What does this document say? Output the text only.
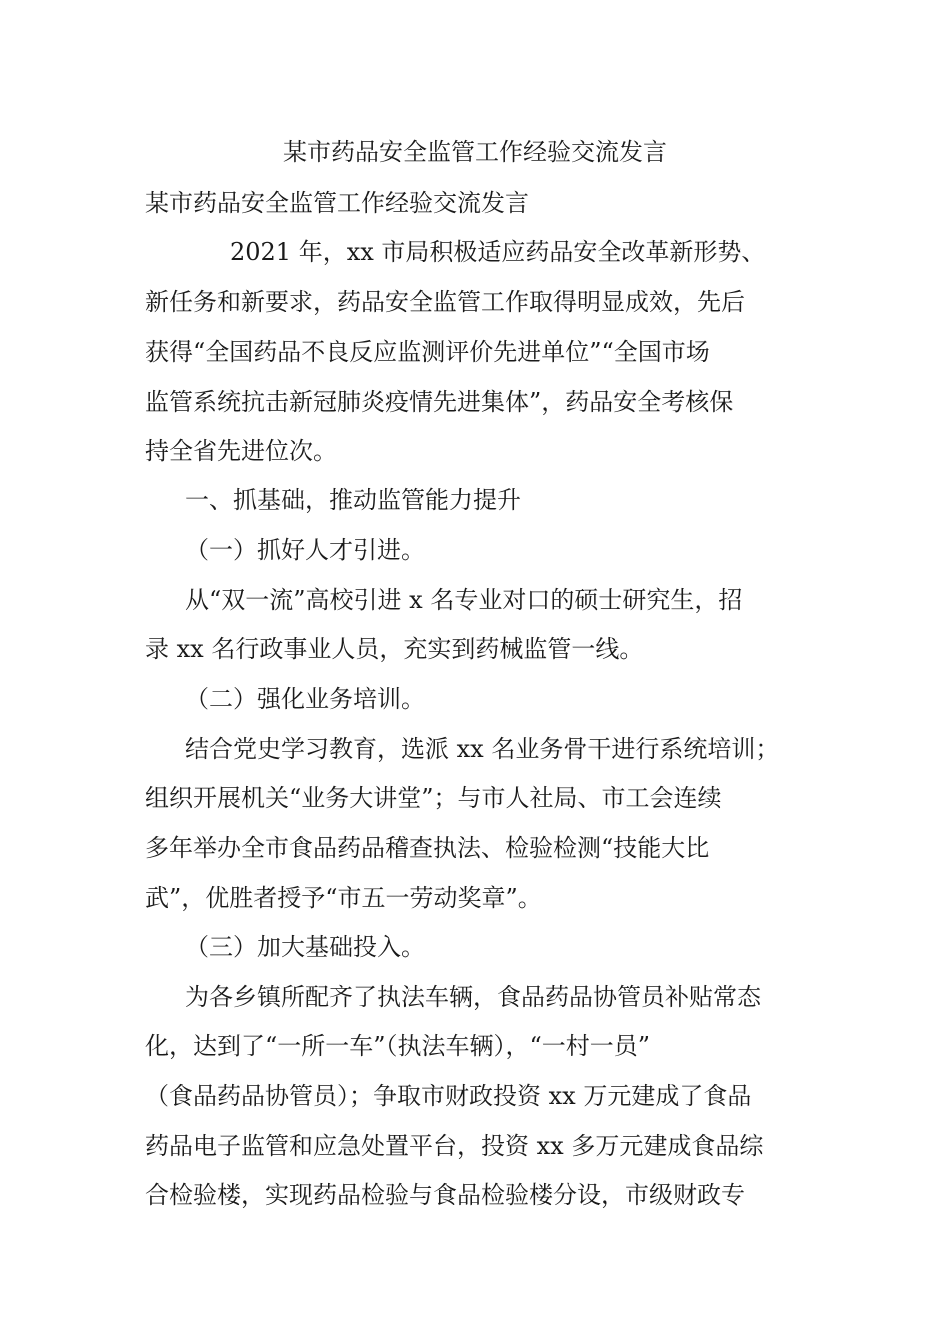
某市药品安全监管工作经验交流发言
某市药品安全监管工作经验交流发言
2021 年，xx 市局积极适应药品安全改革新形势、
新任务和新要求，药品安全监管工作取得明显成效，先后
获得“全国药品不良反应监测评价先进单位”“全国市场
监管系统抗击新冠肺炎疫情先进集体”，药品安全考核保
持全省先进位次。
一、抓基础，推动监管能力提升
（一）抓好人才引进。
从“双一流”高校引进 x 名专业对口的硕士研究生，招
录 xx 名行政事业人员，充实到药械监管一线。
（二）强化业务培训。
结合党史学习教育，选派 xx 名业务骨干进行系统培训；
组织开展机关“业务大讲堂”；与市人社局、市工会连续
多年举办全市食品药品稽查执法、检验检测“技能大比
武”，优胜者授予“市五一劳动奖章”。
（三）加大基础投入。
为各乡镇所配齐了执法车辆，食品药品协管员补贴常态
化，达到了“一所一车”（执法车辆），“一村一员”
（食品药品协管员）；争取市财政投资 xx 万元建成了食品
药品电子监管和应急处置平台，投资 xx 多万元建成食品综
合检验楼，实现药品检验与食品检验楼分设，市级财政专
